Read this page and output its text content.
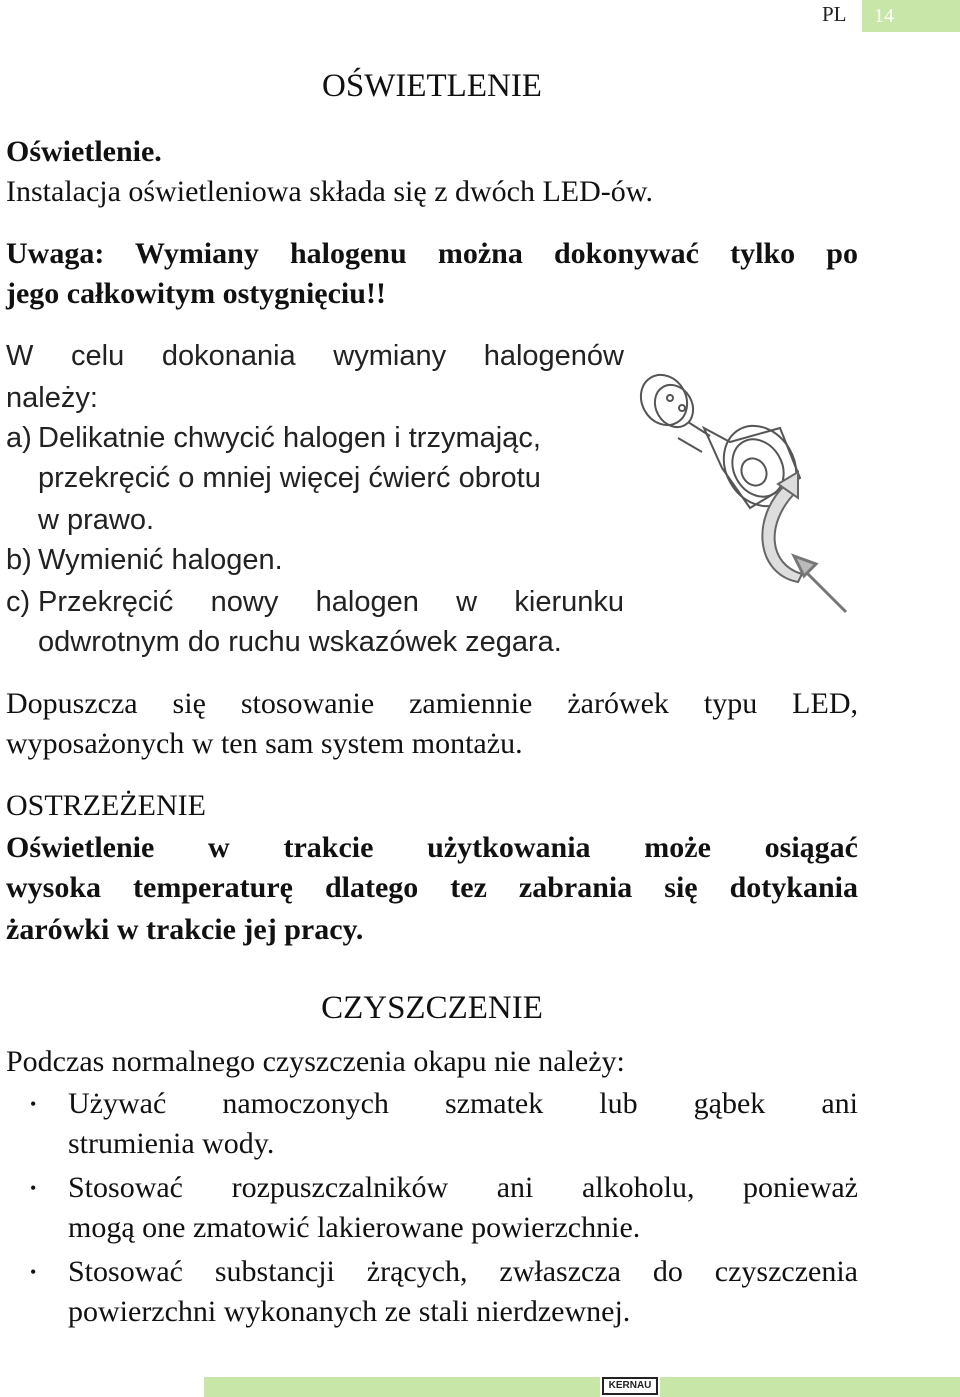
PL	14
OŚWIETLENIE
Oświetlenie.
Instalacja oświetleniowa składa się z dwóch LED-ów.
Uwaga: Wymiany halogenu można dokonywać tylko po
jego całkowitym ostygnięciu!!
W celu dokonania wymiany halogenów
należy:
a) Delikatnie chwycić halogen i trzymając,
przekręcić o mniej więcej ćwierć obrotu
w prawo.
b) Wymienić halogen.
c) Przekręcić nowy halogen w kierunku
odwrotnym do ruchu wskazówek zegara.
Dopuszcza się stosowanie zamiennie żarówek typu LED,
wyposażonych w ten sam system montażu.
OSTRZEŻENIE
Oświetlenie w trakcie użytkowania może osiągać
wysoka temperaturę dlatego tez zabrania się dotykania
żarówki w trakcie jej pracy.
CZYSZCZENIE
Podczas normalnego czyszczenia okapu nie należy:
• Używać namoczonych szmatek lub gąbek ani
strumienia wody.
• Stosować rozpuszczalników ani alkoholu, ponieważ
mogą one zmatowić lakierowane powierzchnie.
• Stosować substancji żrących, zwłaszcza do czyszczenia
powierzchni wykonanych ze stali nierdzewnej.
KERNAU
